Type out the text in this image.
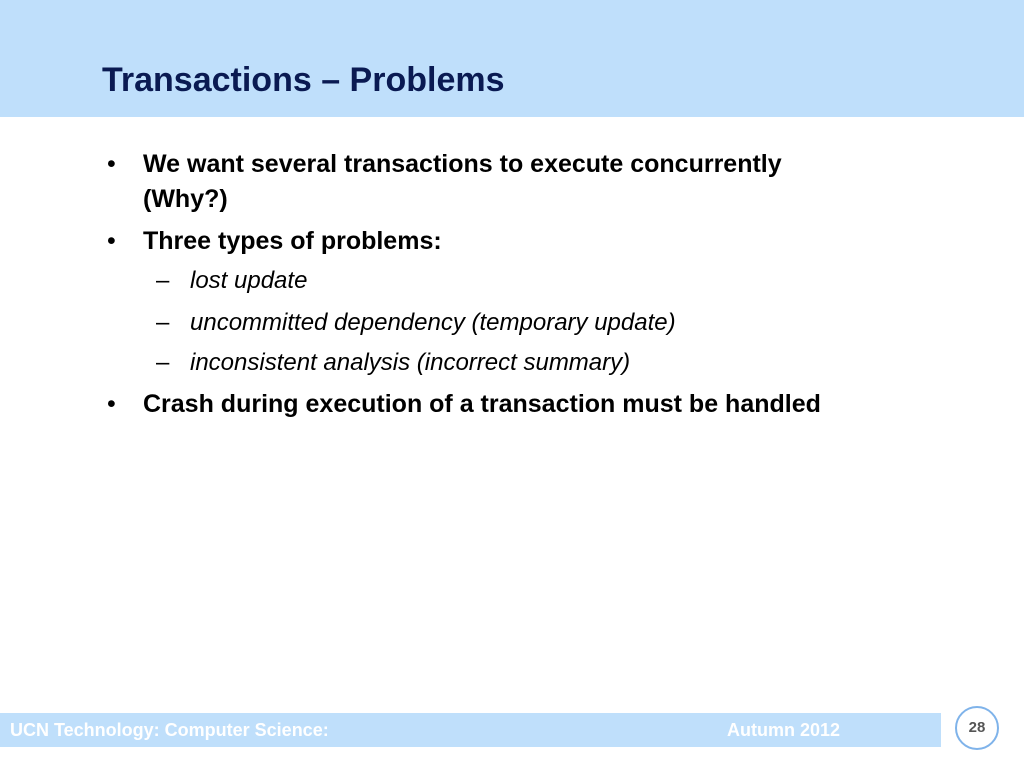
Transactions – Problems
• We want several transactions to execute concurrently
(Why?)
• Three types of problems:
– lost update
– uncommitted dependency (temporary update)
– inconsistent analysis (incorrect summary)
• Crash during execution of a transaction must be handled
UCN Technology: Computer Science:	Autumn 2012	28
